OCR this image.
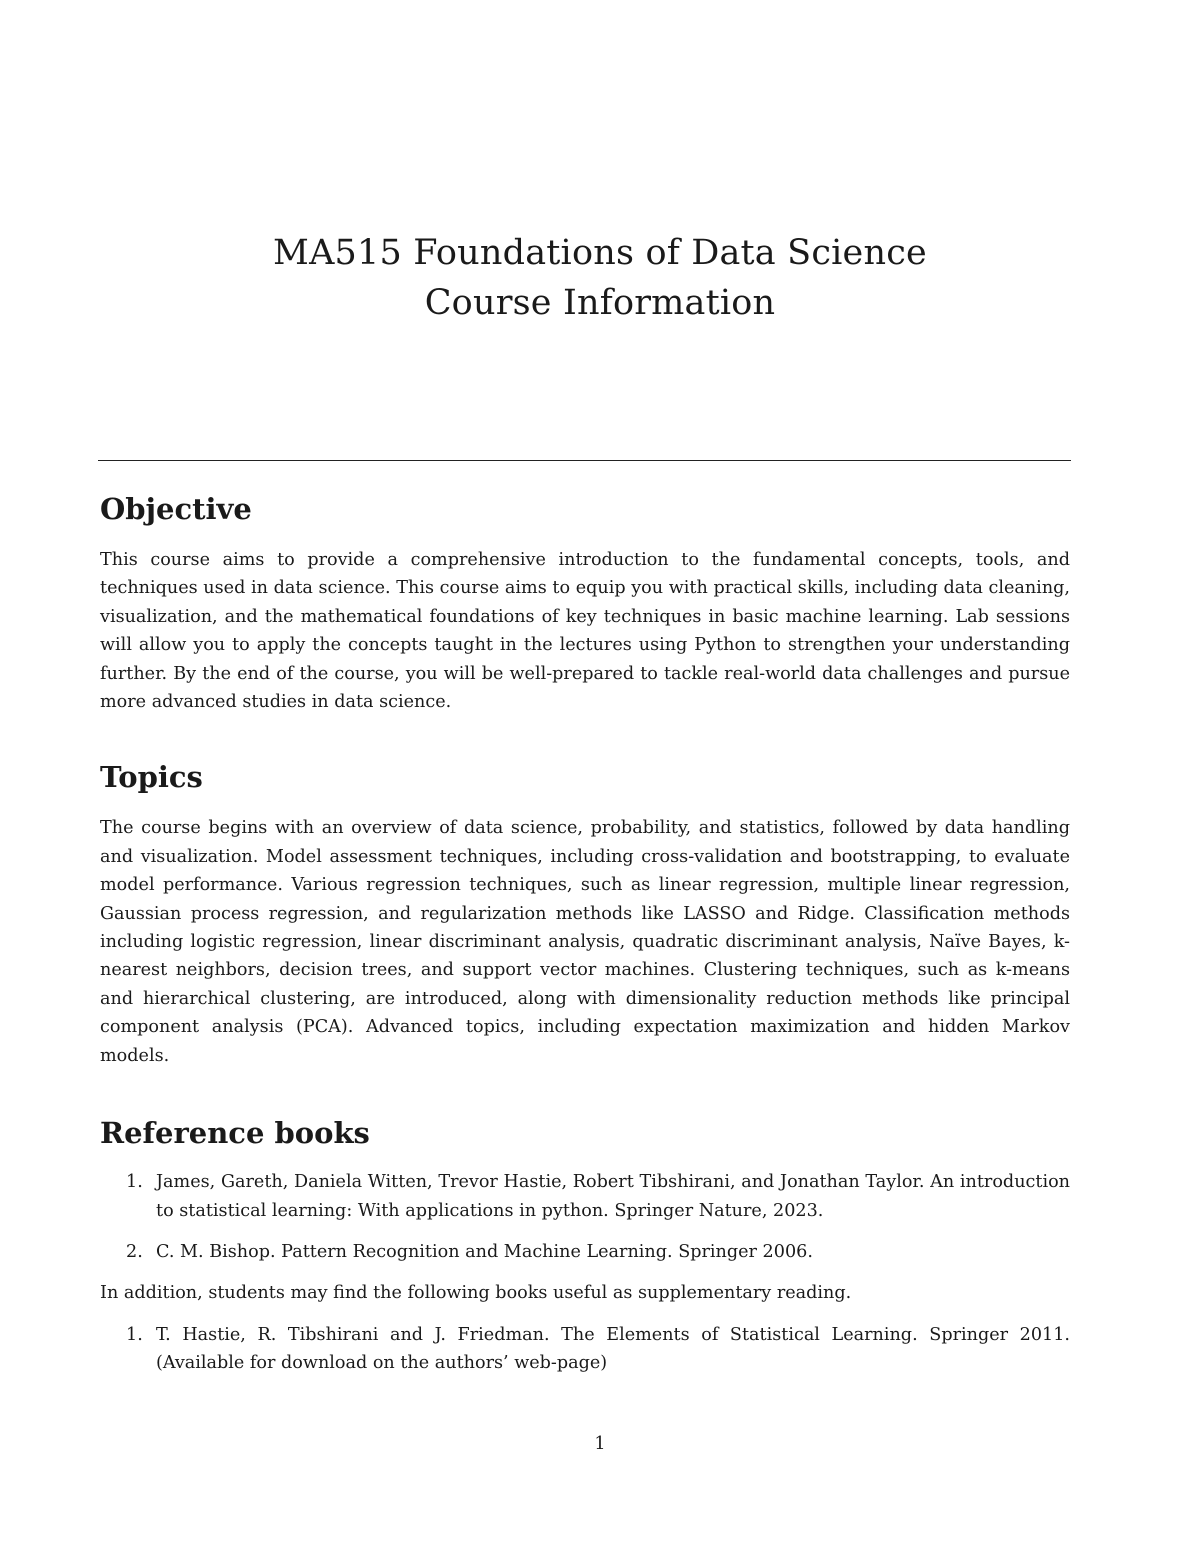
MA515 Foundations of Data Science
Course Information
Objective

This course aims to provide a comprehensive introduction to the fundamental concepts, tools, and techniques used in data science. This course aims to equip you with practical skills, including data cleaning, visualization, and the mathematical foundations of key techniques in basic machine learning. Lab sessions will allow you to apply the concepts taught in the lectures using Python to strengthen your understanding further. By the end of the course, you will be well-prepared to tackle real-world data challenges and pursue more advanced studies in data science.

Topics

The course begins with an overview of data science, probability, and statistics, followed by data handling and visualization. Model assessment techniques, including cross-validation and bootstrapping, to evaluate model performance. Various regression techniques, such as linear regression, multiple linear regression, Gaussian process regression, and regularization methods like LASSO and Ridge. Classification methods including logistic regression, linear discriminant analysis, quadratic discriminant analysis, Naïve Bayes, k-nearest neighbors, decision trees, and support vector machines. Clustering techniques, such as k-means and hierarchical clustering, are introduced, along with dimensionality reduction methods like principal component analysis (PCA). Advanced topics, including expectation maximization and hidden Markov models.

Reference books
1. James, Gareth, Daniela Witten, Trevor Hastie, Robert Tibshirani, and Jonathan Taylor. An introduction to statistical learning: With applications in python. Springer Nature, 2023.
2. C. M. Bishop. Pattern Recognition and Machine Learning. Springer 2006.

In addition, students may find the following books useful as supplementary reading.

1. T. Hastie, R. Tibshirani and J. Friedman. The Elements of Statistical Learning. Springer 2011. (Available for download on the authors’ web-page)
1
